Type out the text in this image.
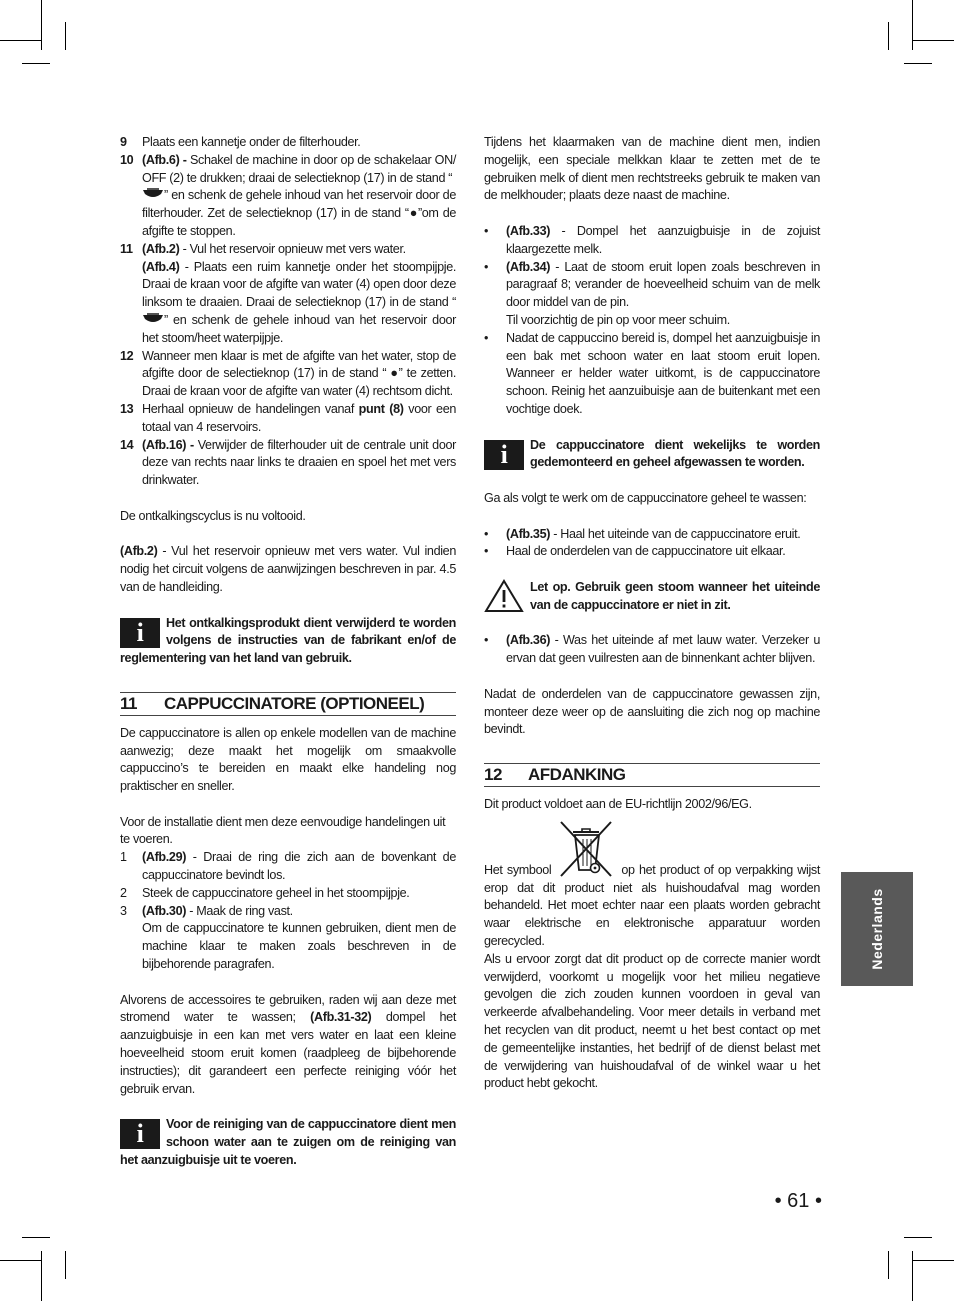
9	Plaats een kannetje onder de filterhouder.

10 (Afb.6) - Schakel de machine in door op de schakelaar ON/ OFF (2) te drukken; draai de selectieknop (17) in de stand “
” en schenk de gehele inhoud van het reservoir door de filterhouder. Zet de selectieknop (17) in de stand “●”om de afgifte te stoppen.

11 (Afb.2) - Vul het reservoir opnieuw met vers water.

(Afb.4) - Plaats een ruim kannetje onder het stoompijpje. Draai de kraan voor de afgifte van water (4) open door deze linksom te draaien. Draai de selectieknop (17) in de stand “” en schenk de gehele inhoud van het reservoir door het stoom/heet waterpijpje.

12 Wanneer men klaar is met de afgifte van het water, stop de afgifte door de selectieknop (17) in de stand “ ●” te zetten. Draai de kraan voor de afgifte van water (4) rechtsom dicht.

13 Herhaal opnieuw de handelingen vanaf punt (8) voor een totaal van 4 reservoirs.

14 (Afb.16) - Verwijder de filterhouder uit de centrale unit door deze van rechts naar links te draaien en spoel het met vers drinkwater.

De ontkalkingscyclus is nu voltooid.

(Afb.2) - Vul het reservoir opnieuw met vers water. Vul indien nodig het circuit volgens de aanwijzingen beschreven in par. 4.5 van de handleiding.

i	Het ontkalkingsprodukt dient verwijderd te worden volgens de instructies van de fabrikant en/of de reglementering van het land van gebruik.
11 CAPPUCCINATORE (OPTIONEEL)

De cappuccinatore is allen op enkele modellen van de machine aanwezig; deze maakt het mogelijk om smaakvolle cappuccino’s te bereiden en maakt elke handeling nog praktischer en sneller.

Voor de installatie dient men deze eenvoudige handelingen uit te voeren.

1	(Afb.29) - Draai de ring die zich aan de bovenkant de cappuccinatore bevindt los.

2	Steek de cappuccinatore geheel in het stoompijpje.

3	(Afb.30) - Maak de ring vast.

Om de cappuccinatore te kunnen gebruiken, dient men de machine klaar te maken zoals beschreven in de bijbehorende paragrafen.

Alvorens de accessoires te gebruiken, raden wij aan deze met stromend water te wassen; (Afb.31-32) dompel het aanzuigbuisje in een kan met vers water en laat een kleine hoeveelheid stoom eruit komen (raadpleeg de bijbehorende instructies); dit garandeert een perfecte reiniging vóór het gebruik ervan.

i	Voor de reiniging van de cappuccinatore dient men schoon water aan te zuigen om de reiniging van het aanzuigbuisje uit te voeren.

Tijdens het klaarmaken van de machine dient men, indien mogelijk, een speciale melkkan klaar te zetten met de te gebruiken melk of dient men rechtstreeks gebruik te maken van de melkhouder; plaats deze naast de machine.

•	(Afb.33) - Dompel het aanzuigbuisje in de zojuist klaargezette melk.

•	(Afb.34) - Laat de stoom eruit lopen zoals beschreven in paragraaf 8; verander de hoeveelheid schuim van de melk door middel van de pin.

Til voorzichtig de pin op voor meer schuim.

•	Nadat de cappuccino bereid is, dompel het aanzuigbuisje in een bak met schoon water en laat stoom eruit lopen. Wanneer er helder water uitkomt, is de cappuccinatore schoon. Reinig het aanzuibuisje aan de buitenkant met een vochtige doek.

i	De cappuccinatore dient wekelijks te worden gedemonteerd en geheel afgewassen te worden.

Ga als volgt te werk om de cappuccinatore geheel te wassen:

•	(Afb.35) - Haal het uiteinde van de cappuccinatore eruit.

•	Haal de onderdelen van de cappuccinatore uit elkaar.

Let op. Gebruik geen stoom wanneer het uiteinde van de cappuccinatore er niet in zit.
•	(Afb.36) - Was het uiteinde af met lauw water. Verzeker u ervan dat geen vuilresten aan de binnenkant achter blijven.

Nadat de onderdelen van de cappuccinatore gewassen zijn, monteer deze weer op de aansluiting die zich nog op machine bevindt.

12 AFDANKING

Dit product voldoet aan de EU-richtlijn 2002/96/EG.

Het symbool	op het product of op verpakking wijst erop dat dit product niet als huishoudafval mag worden behandeld. Het moet echter naar een plaats worden gebracht waar elektrische en elektronische apparatuur worden gerecycled.

Als u ervoor zorgt dat dit product op de correcte manier wordt verwijderd, voorkomt u mogelijk voor het milieu negatieve gevolgen die zich zouden kunnen voordoen in geval van verkeerde afvalbehandeling. Voor meer details in verband met het recyclen van dit product, neemt u het best contact op met de gemeentelijke instanties, het bedrijf of de dienst belast met de verwijdering van huishoudafval of de winkel waar u het product hebt gekocht.

Nederlands
• 61 •
